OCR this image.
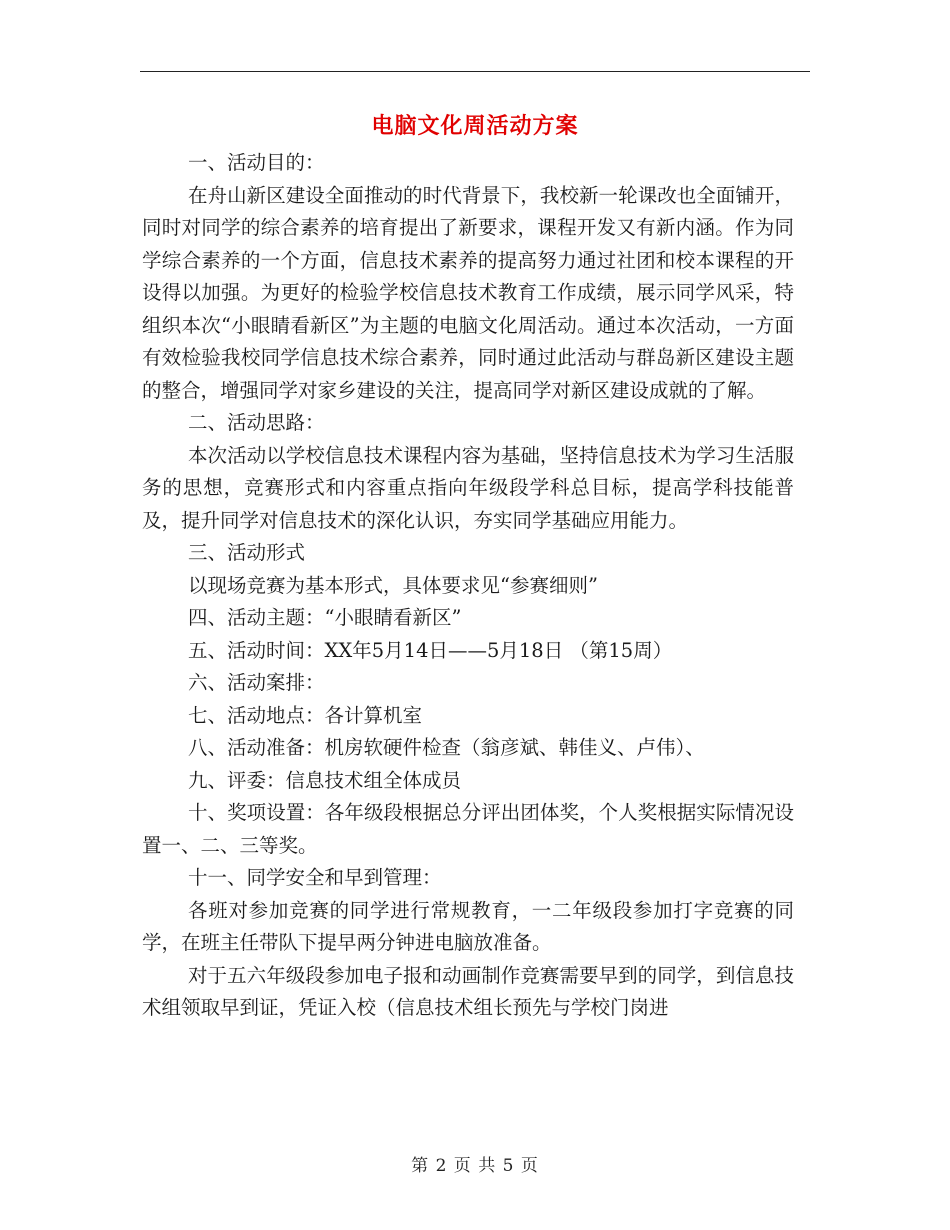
电脑文化周活动方案

一、活动目的：

在舟山新区建设全面推动的时代背景下，我校新一轮课改也全面铺开，同时对同学的综合素养的培育提出了新要求，课程开发又有新内涵。作为同学综合素养的一个方面，信息技术素养的提高努力通过社团和校本课程的开设得以加强。为更好的检验学校信息技术教育工作成绩，展示同学风采，特组织本次“小眼睛看新区”为主题的电脑文化周活动。通过本次活动，一方面有效检验我校同学信息技术综合素养，同时通过此活动与群岛新区建设主题的整合，增强同学对家乡建设的关注，提高同学对新区建设成就的了解。

二、活动思路：

本次活动以学校信息技术课程内容为基础，坚持信息技术为学习生活服务的思想，竞赛形式和内容重点指向年级段学科总目标，提高学科技能普及，提升同学对信息技术的深化认识，夯实同学基础应用能力。

三、活动形式

以现场竞赛为基本形式，具体要求见“参赛细则”

四、活动主题：“小眼睛看新区”

五、活动时间：XX年5月14日——5月18日 （第15周）

六、活动案排：

七、活动地点：各计算机室

八、活动准备：机房软硬件检查（翁彦斌、韩佳义、卢伟）、

九、评委：信息技术组全体成员

十、奖项设置：各年级段根据总分评出团体奖，个人奖根据实际情况设置一、二、三等奖。

十一、同学安全和早到管理：

各班对参加竞赛的同学进行常规教育，一二年级段参加打字竞赛的同学，在班主任带队下提早两分钟进电脑放准备。

对于五六年级段参加电子报和动画制作竞赛需要早到的同学，到信息技术组领取早到证，凭证入校（信息技术组长预先与学校门岗进

第 2 页 共 5 页
